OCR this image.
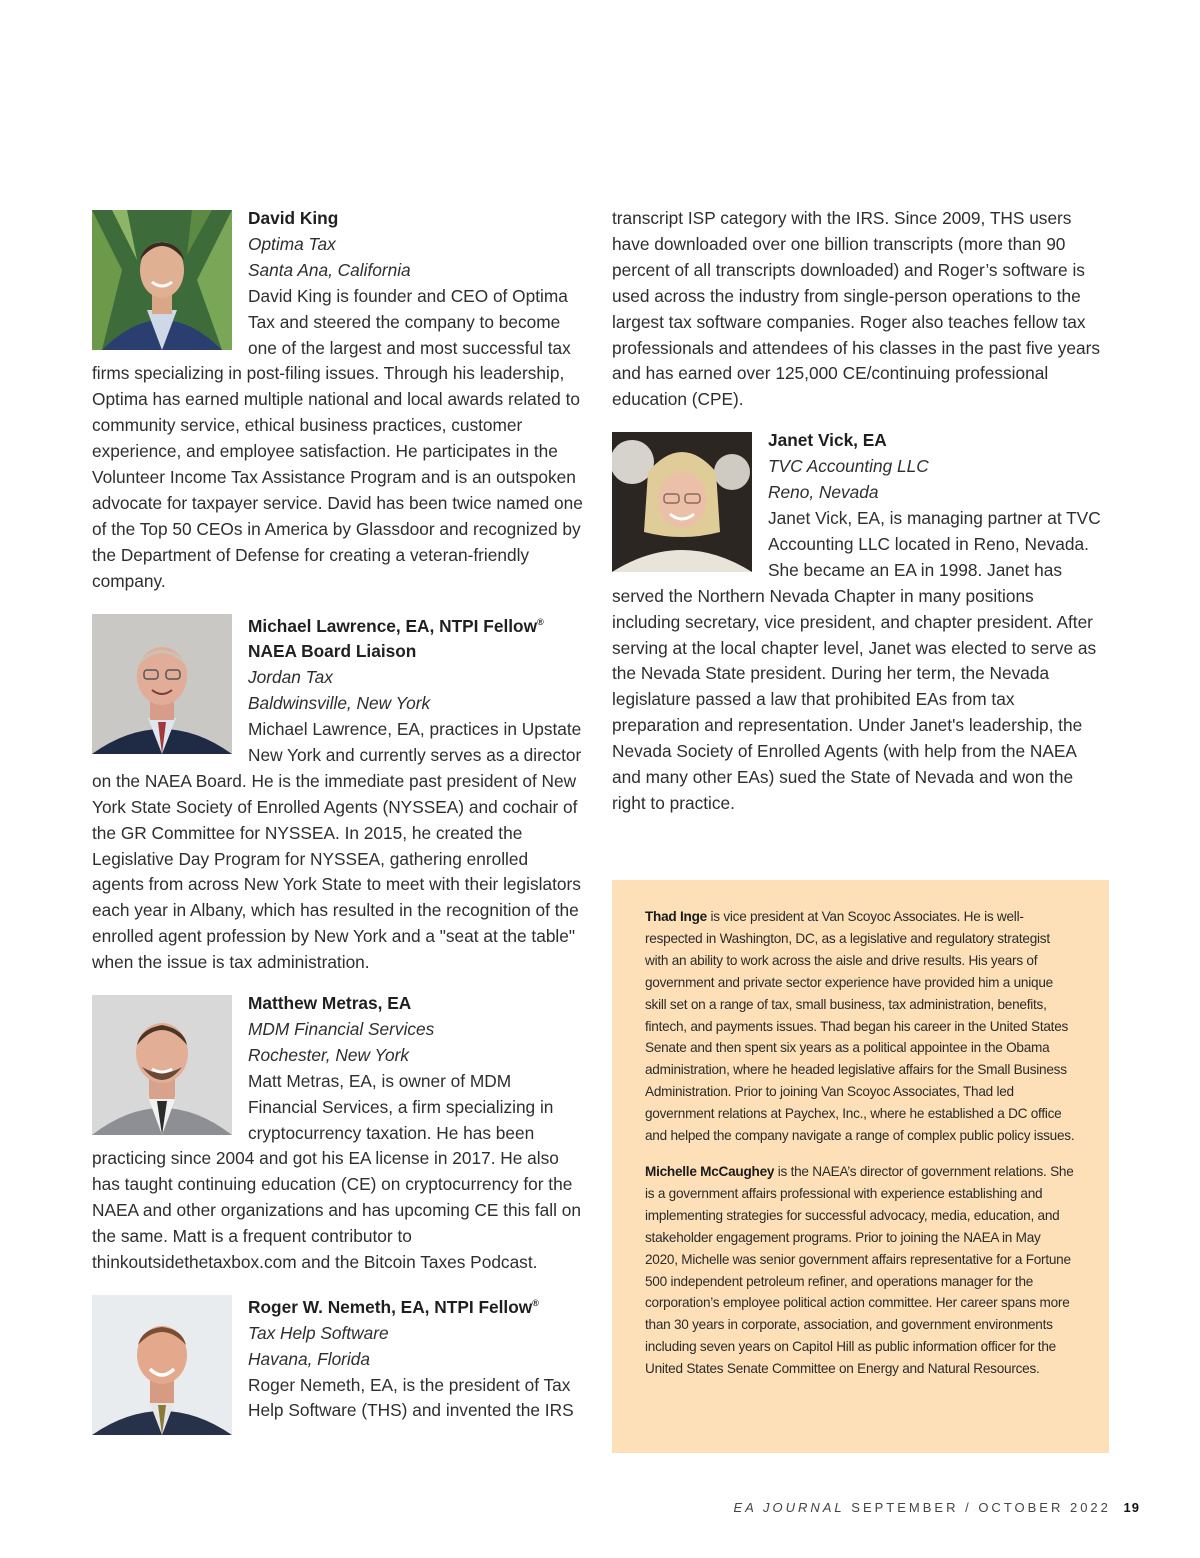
David King

Optima Tax

Santa Ana, California

David King is founder and CEO of Optima Tax and steered the company to become one of the largest and most successful tax firms specializing in post-filing issues. Through his leadership, Optima has earned multiple national and local awards related to community service, ethical business practices, customer experience, and employee satisfaction. He participates in the Volunteer Income Tax Assistance Program and is an outspoken advocate for taxpayer service. David has been twice named one of the Top 50 CEOs in America by Glassdoor and recognized by the Department of Defense for creating a veteran-friendly company.

Michael Lawrence, EA, NTPI Fellow®

NAEA Board Liaison

Jordan Tax

Baldwinsville, New York

Michael Lawrence, EA, practices in Upstate New York and currently serves as a director on the NAEA Board. He is the immediate past president of New York State Society of Enrolled Agents (NYSSEA) and cochair of the GR Committee for NYSSEA. In 2015, he created the Legislative Day Program for NYSSEA, gathering enrolled agents from across New York State to meet with their legislators each year in Albany, which has resulted in the recognition of the enrolled agent profession by New York and a "seat at the table" when the issue is tax administration.

Matthew Metras, EA

MDM Financial Services

Rochester, New York

Matt Metras, EA, is owner of MDM Financial Services, a firm specializing in cryptocurrency taxation. He has been practicing since 2004 and got his EA license in 2017. He also has taught continuing education (CE) on cryptocurrency for the NAEA and other organizations and has upcoming CE this fall on the same. Matt is a frequent contributor to thinkoutsidethetaxbox.com and the Bitcoin Taxes Podcast.

Roger W. Nemeth, EA, NTPI Fellow®

Tax Help Software

Havana, Florida

Roger Nemeth, EA, is the president of Tax Help Software (THS) and invented the IRS

transcript ISP category with the IRS. Since 2009, THS users have downloaded over one billion transcripts (more than 90 percent of all transcripts downloaded) and Roger’s software is used across the industry from single-person operations to the largest tax software companies. Roger also teaches fellow tax professionals and attendees of his classes in the past five years and has earned over 125,000 CE/continuing professional education (CPE).

Janet Vick, EA

TVC Accounting LLC

Reno, Nevada

Janet Vick, EA, is managing partner at TVC Accounting LLC located in Reno, Nevada. She became an EA in 1998. Janet has served the Northern Nevada Chapter in many positions including secretary, vice president, and chapter president. After serving at the local chapter level, Janet was elected to serve as the Nevada State president. During her term, the Nevada legislature passed a law that prohibited EAs from tax preparation and representation. Under Janet's leadership, the Nevada Society of Enrolled Agents (with help from the NAEA and many other EAs) sued the State of Nevada and won the right to practice.

Thad Inge is vice president at Van Scoyoc Associates. He is well-respected in Washington, DC, as a legislative and regulatory strategist with an ability to work across the aisle and drive results. His years of government and private sector experience have provided him a unique skill set on a range of tax, small business, tax administration, benefits, fintech, and payments issues. Thad began his career in the United States Senate and then spent six years as a political appointee in the Obama administration, where he headed legislative affairs for the Small Business Administration. Prior to joining Van Scoyoc Associates, Thad led government relations at Paychex, Inc., where he established a DC office and helped the company navigate a range of complex public policy issues.

Michelle McCaughey is the NAEA’s director of government relations. She is a government affairs professional with experience establishing and implementing strategies for successful advocacy, media, education, and stakeholder engagement programs. Prior to joining the NAEA in May 2020, Michelle was senior government affairs representative for a Fortune 500 independent petroleum refiner, and operations manager for the corporation’s employee political action committee. Her career spans more than 30 years in corporate, association, and government environments including seven years on Capitol Hill as public information officer for the United States Senate Committee on Energy and Natural Resources.

EA JOURNAL SEPTEMBER / OCTOBER 2022 19
